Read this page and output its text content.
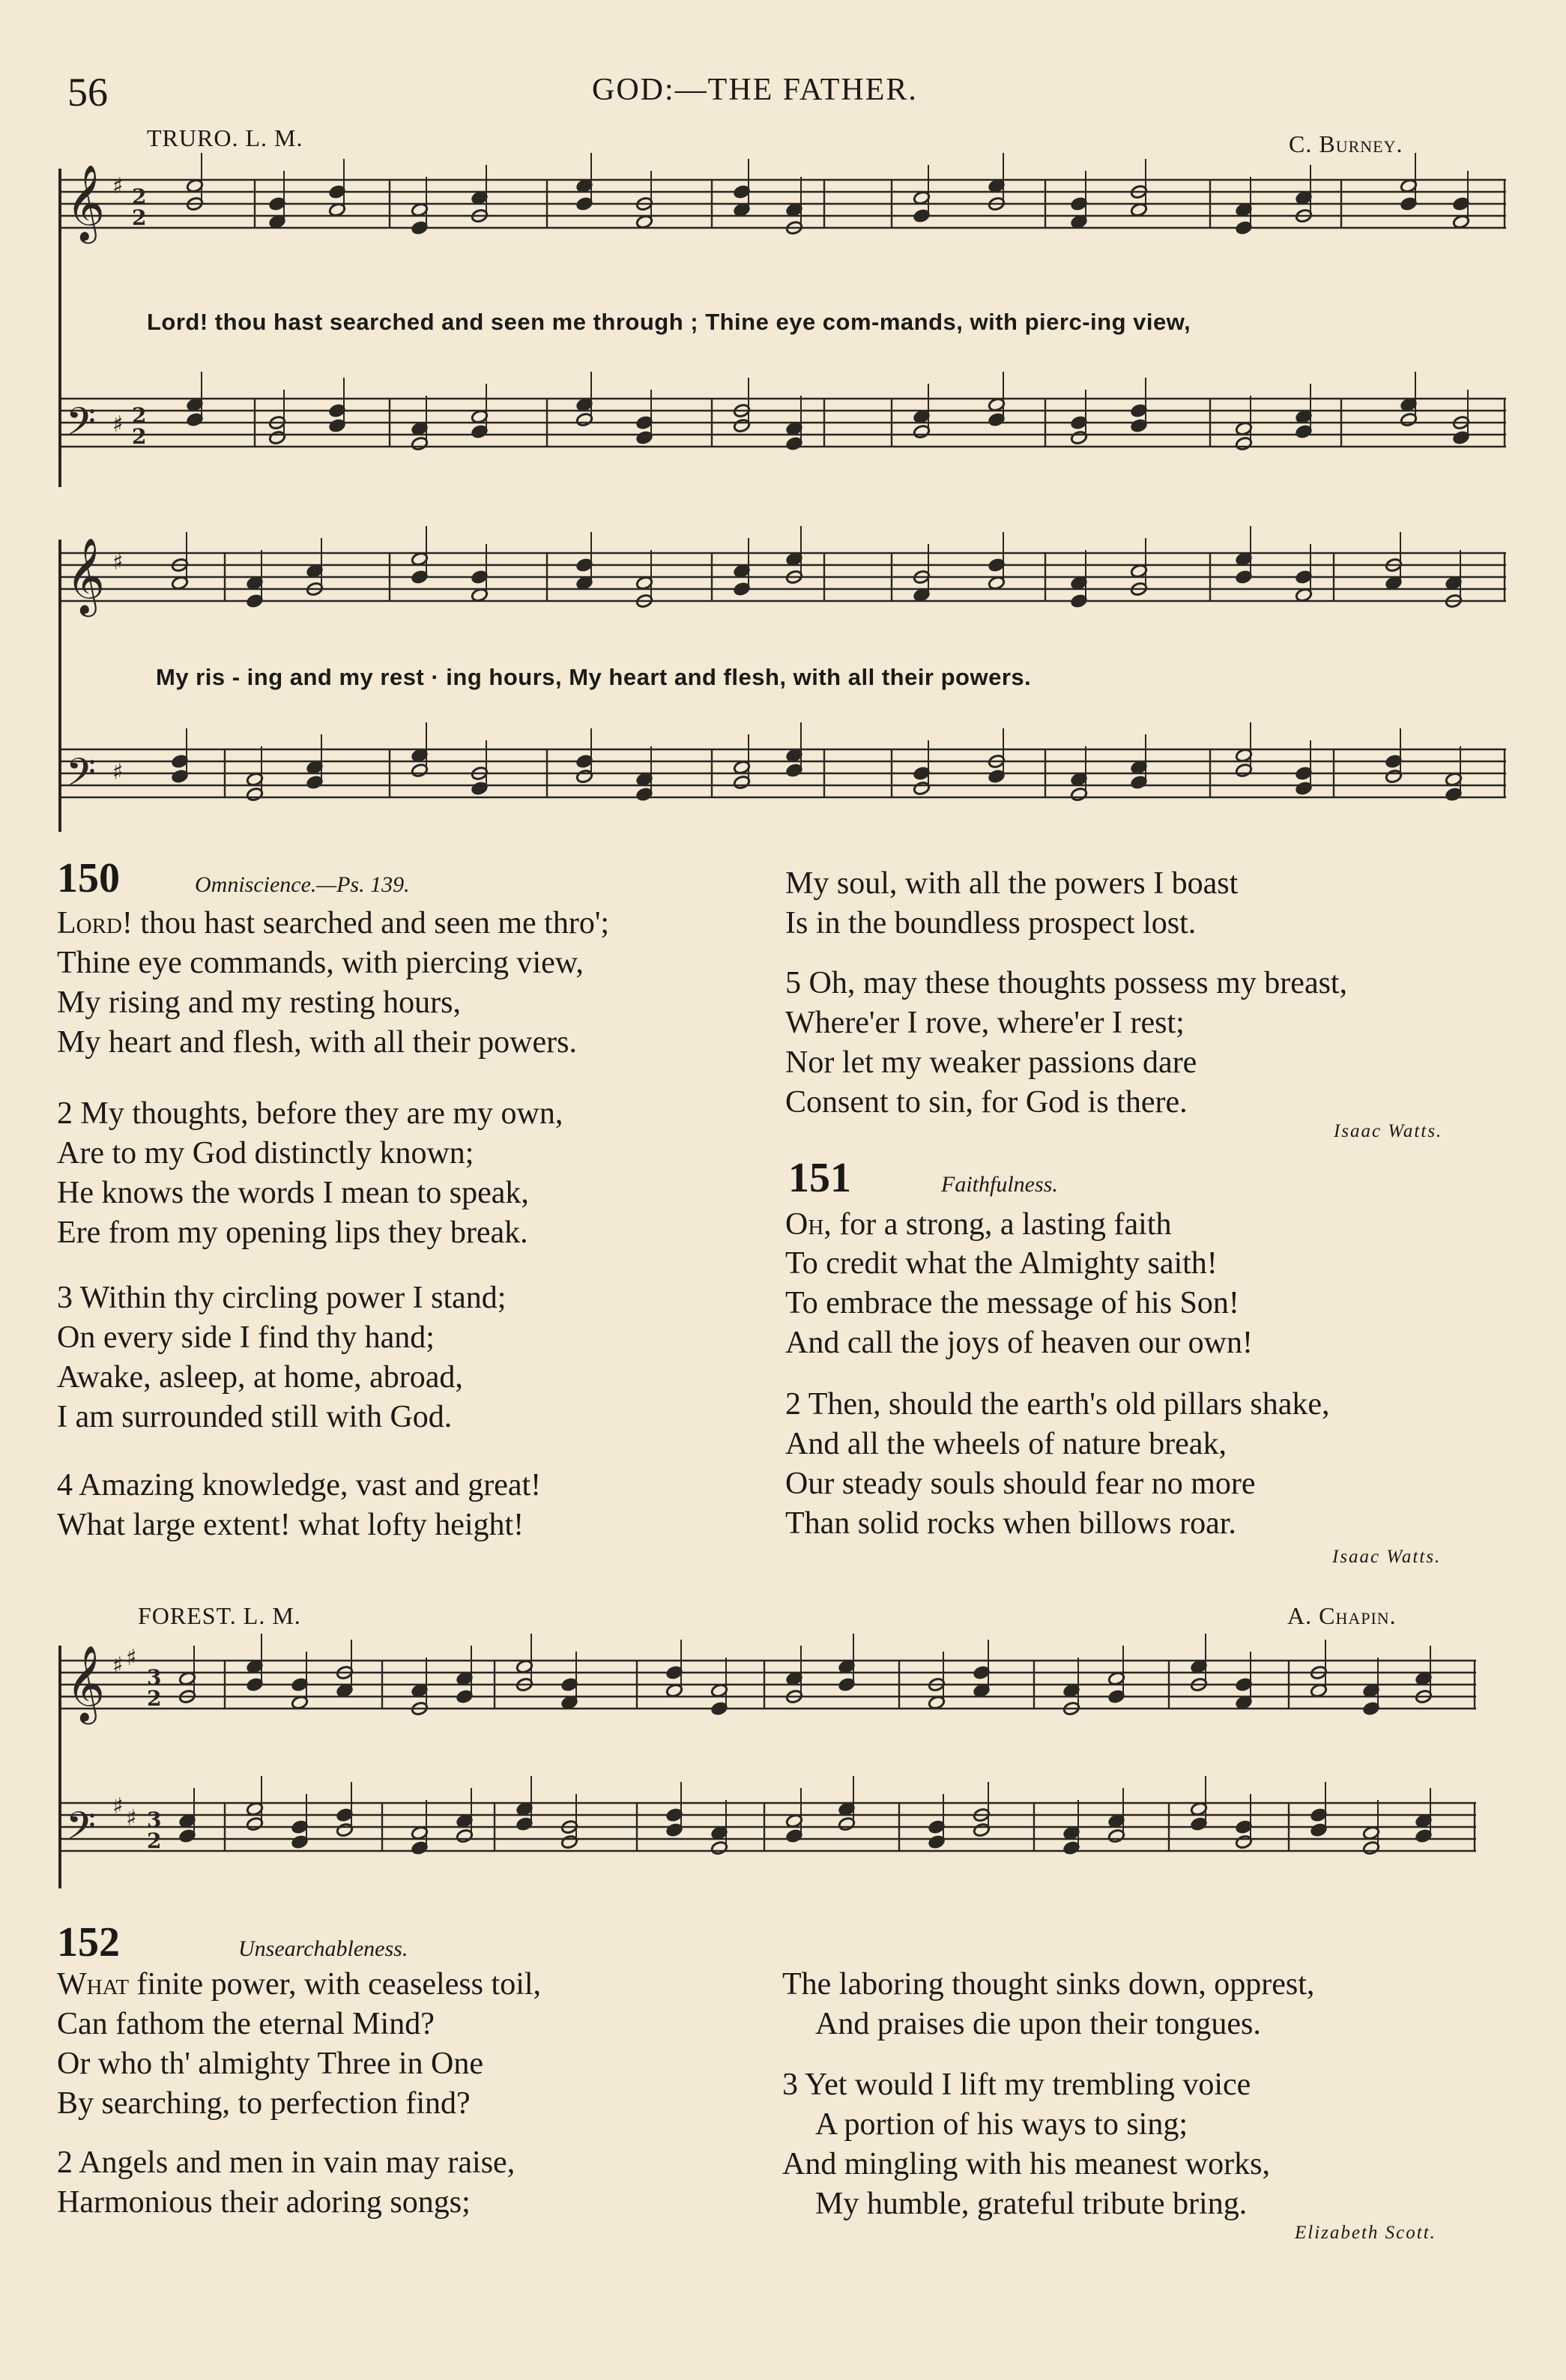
56	GOD:—THE FATHER.
TRURO. L. M.	C. Burney.
𝄞
𝄢
𝄞
𝄢
𝄞
𝄢
♯
♯
♯
♯
♯ ♯
♯ ♯
2
2
2
2
3
2
3
2
Lord! thou hast searched and seen me through ; Thine eye com-mands, with pierc-ing view,
My ris - ing and my rest · ing hours, My heart and flesh, with all their powers.
150	Omniscience.—Ps. 139.
Lord! thou hast searched and seen me thro';
Thine eye commands, with piercing view,
My rising and my resting hours,
My heart and flesh, with all their powers.
2 My thoughts, before they are my own,
Are to my God distinctly known;
He knows the words I mean to speak,
Ere from my opening lips they break.
3 Within thy circling power I stand;
On every side I find thy hand;
Awake, asleep, at home, abroad,
I am surrounded still with God.
4 Amazing knowledge, vast and great!
What large extent! what lofty height!
My soul, with all the powers I boast
Is in the boundless prospect lost.
5 Oh, may these thoughts possess my breast,
Where'er I rove, where'er I rest;
Nor let my weaker passions dare
Consent to sin, for God is there.
Isaac Watts.
151	Faithfulness.
Oh, for a strong, a lasting faith
To credit what the Almighty saith!
To embrace the message of his Son!
And call the joys of heaven our own!
2 Then, should the earth's old pillars shake,
And all the wheels of nature break,
Our steady souls should fear no more
Than solid rocks when billows roar.
Isaac Watts.
FOREST. L. M.	A. Chapin.
152	Unsearchableness.
What finite power, with ceaseless toil,
Can fathom the eternal Mind?
Or who th' almighty Three in One
By searching, to perfection find?
2 Angels and men in vain may raise,
Harmonious their adoring songs;
The laboring thought sinks down, opprest,
And praises die upon their tongues.
3 Yet would I lift my trembling voice
A portion of his ways to sing;
And mingling with his meanest works,
My humble, grateful tribute bring.
Elizabeth Scott.
